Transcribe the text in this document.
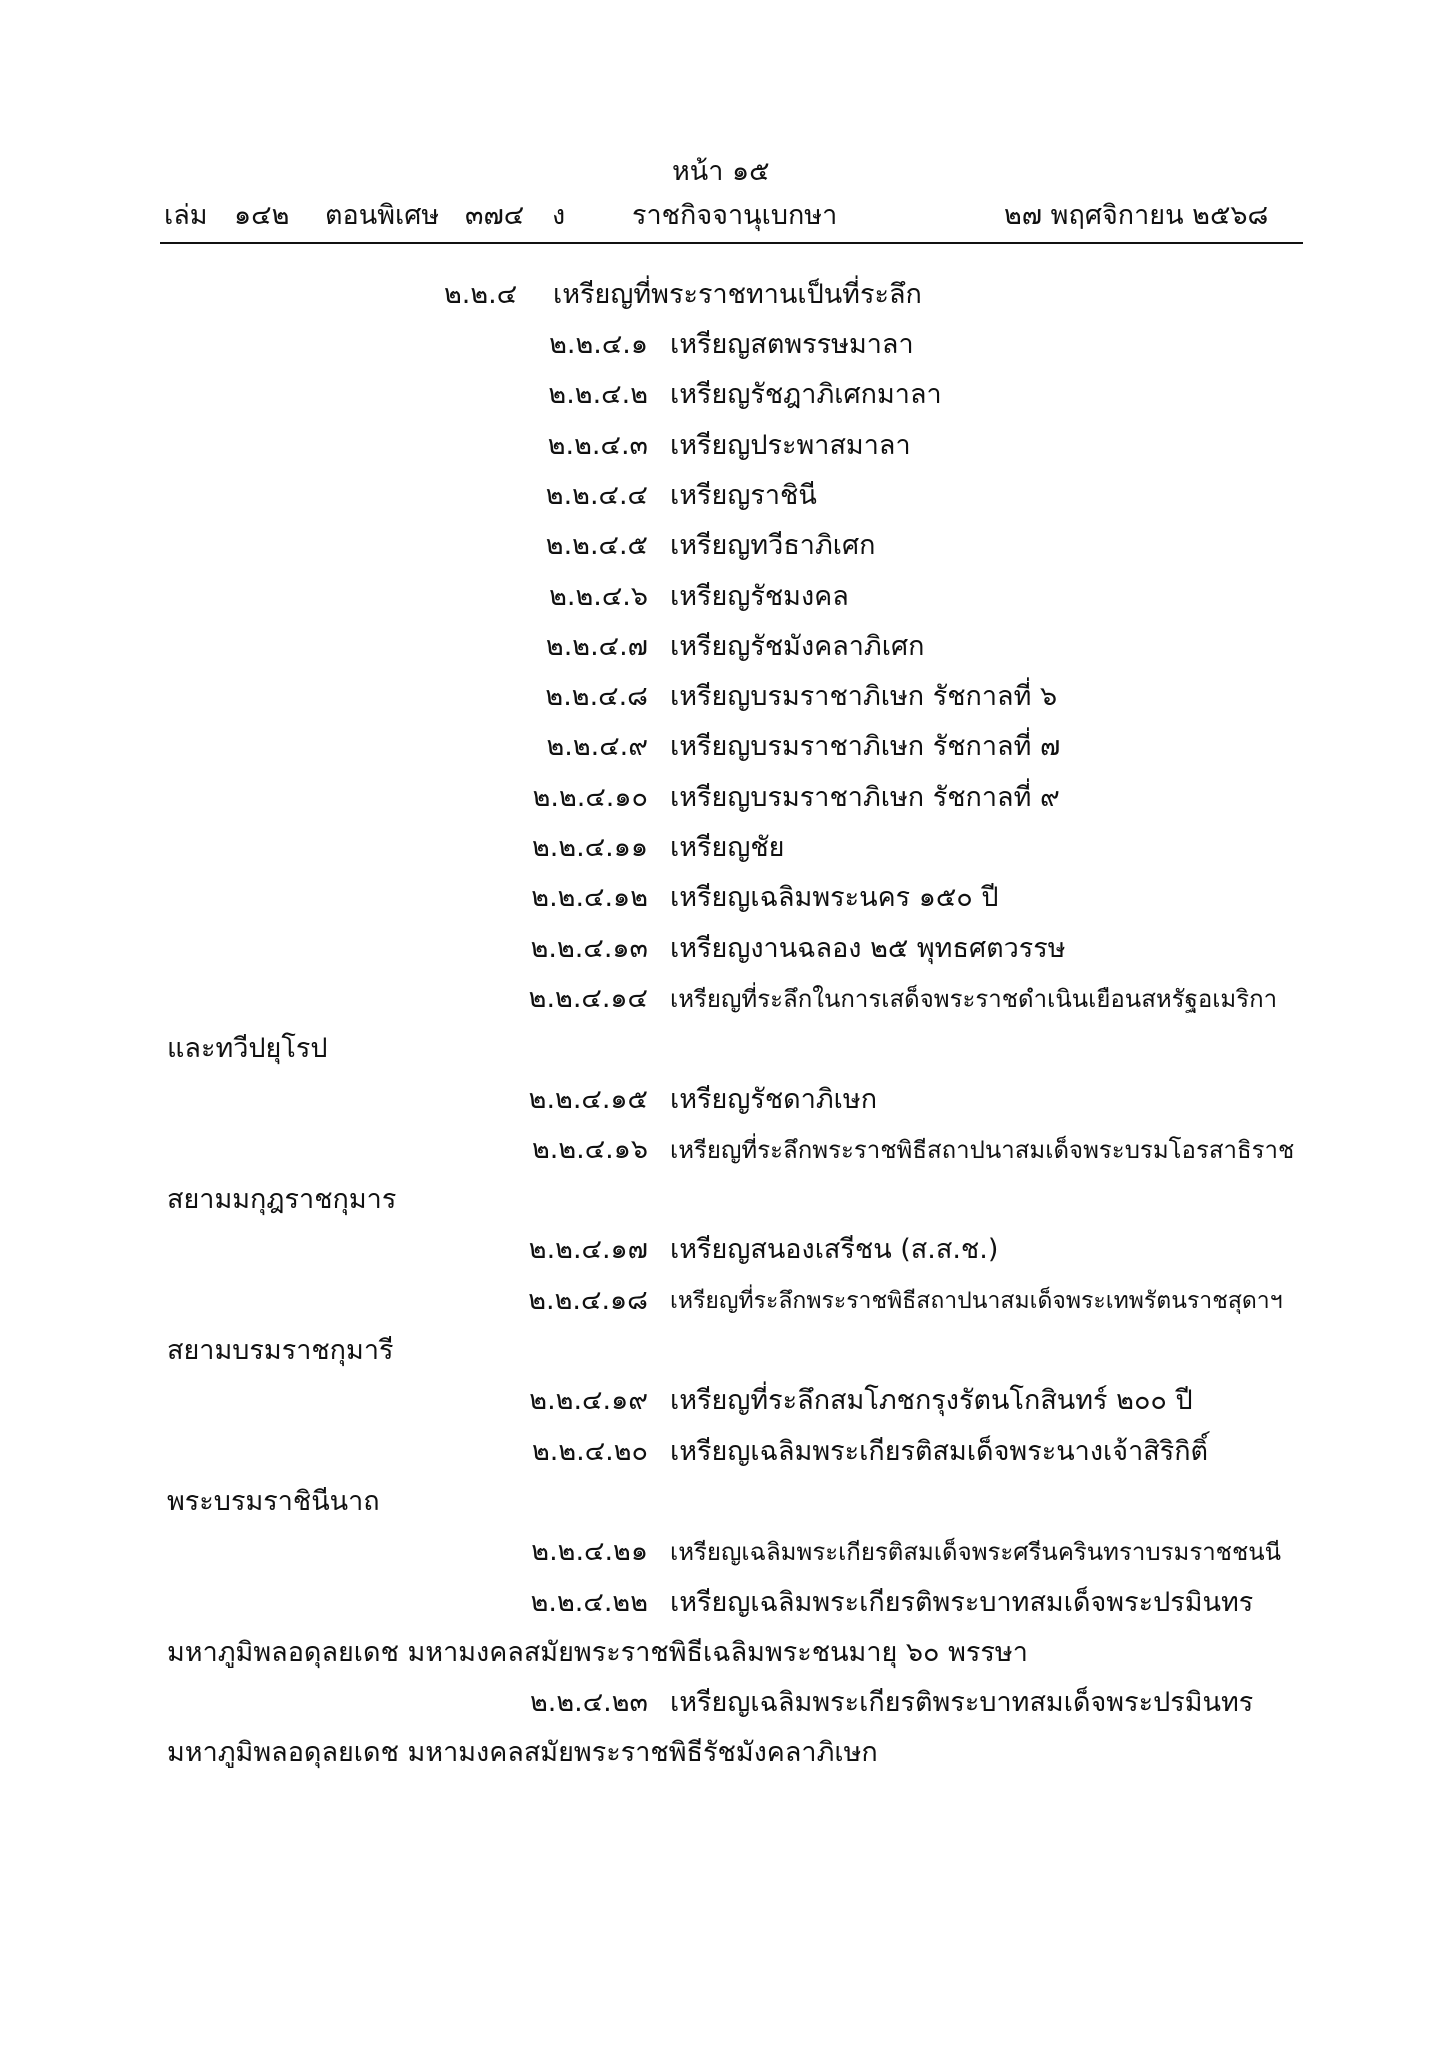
หน้า ๑๕
เล่ม ๑๔๒ ตอนพิเศษ ๓๗๔ ง ราชกิจจานุเบกษา	๒๗ พฤศจิกายน ๒๕๖๘
๒.๒.๔ เหรียญที่พระราชทานเป็นที่ระลึก
๒.๒.๔.๑ เหรียญสตพรรษมาลา
๒.๒.๔.๒ เหรียญรัชฎาภิเศกมาลา
๒.๒.๔.๓ เหรียญประพาสมาลา
๒.๒.๔.๔ เหรียญราชินี
๒.๒.๔.๕ เหรียญทวีธาภิเศก
๒.๒.๔.๖ เหรียญรัชมงคล
๒.๒.๔.๗ เหรียญรัชมังคลาภิเศก
๒.๒.๔.๘ เหรียญบรมราชาภิเษก รัชกาลที่ ๖
๒.๒.๔.๙ เหรียญบรมราชาภิเษก รัชกาลที่ ๗
๒.๒.๔.๑๐ เหรียญบรมราชาภิเษก รัชกาลที่ ๙
๒.๒.๔.๑๑ เหรียญชัย
๒.๒.๔.๑๒ เหรียญเฉลิมพระนคร ๑๕๐ ปี
๒.๒.๔.๑๓ เหรียญงานฉลอง ๒๕ พุทธศตวรรษ
๒.๒.๔.๑๔ เหรียญที่ระลึกในการเสด็จพระราชดำเนินเยือนสหรัฐอเมริกา
และทวีปยุโรป
๒.๒.๔.๑๕ เหรียญรัชดาภิเษก
๒.๒.๔.๑๖ เหรียญที่ระลึกพระราชพิธีสถาปนาสมเด็จพระบรมโอรสาธิราช
สยามมกุฎราชกุมาร
๒.๒.๔.๑๗ เหรียญสนองเสรีชน (ส.ส.ช.)
๒.๒.๔.๑๘ เหรียญที่ระลึกพระราชพิธีสถาปนาสมเด็จพระเทพรัตนราชสุดาฯ
สยามบรมราชกุมารี
๒.๒.๔.๑๙ เหรียญที่ระลึกสมโภชกรุงรัตนโกสินทร์ ๒๐๐ ปี
๒.๒.๔.๒๐ เหรียญเฉลิมพระเกียรติสมเด็จพระนางเจ้าสิริกิติ์
พระบรมราชินีนาถ
๒.๒.๔.๒๑ เหรียญเฉลิมพระเกียรติสมเด็จพระศรีนครินทราบรมราชชนนี
๒.๒.๔.๒๒ เหรียญเฉลิมพระเกียรติพระบาทสมเด็จพระปรมินทร
มหาภูมิพลอดุลยเดช มหามงคลสมัยพระราชพิธีเฉลิมพระชนมายุ ๖๐ พรรษา
๒.๒.๔.๒๓ เหรียญเฉลิมพระเกียรติพระบาทสมเด็จพระปรมินทร
มหาภูมิพลอดุลยเดช มหามงคลสมัยพระราชพิธีรัชมังคลาภิเษก
